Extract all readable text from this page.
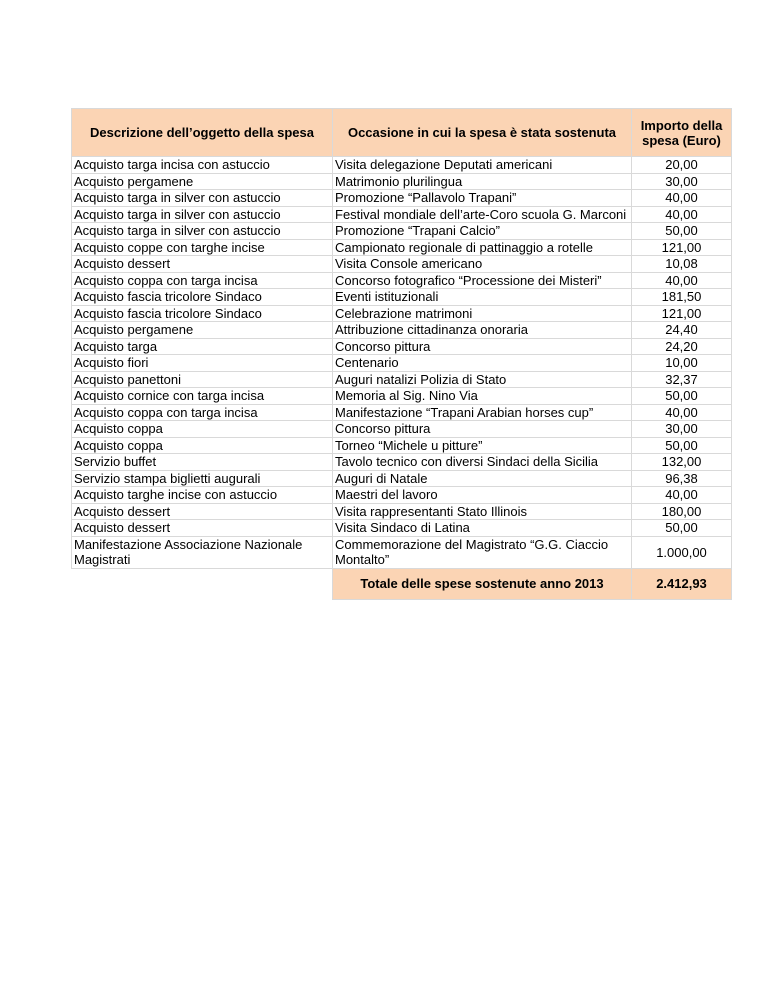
Descrizione dell’oggetto della spesa	Occasione in cui la spesa è stata sostenuta	Importo della spesa (Euro)
Acquisto targa incisa con astuccio	Visita delegazione Deputati americani	20,00
Acquisto pergamene	Matrimonio plurilingua	30,00
Acquisto targa in silver con astuccio	Promozione “Pallavolo Trapani”	40,00
Acquisto targa in silver con astuccio	Festival mondiale dell’arte-Coro scuola G. Marconi	40,00
Acquisto targa in silver con astuccio	Promozione “Trapani Calcio”	50,00
Acquisto coppe con targhe incise	Campionato regionale di pattinaggio a rotelle	121,00
Acquisto dessert	Visita Console americano	10,08
Acquisto coppa con targa incisa	Concorso fotografico “Processione dei Misteri”	40,00
Acquisto fascia tricolore Sindaco	Eventi istituzionali	181,50
Acquisto fascia tricolore Sindaco	Celebrazione matrimoni	121,00
Acquisto pergamene	Attribuzione cittadinanza onoraria	24,40
Acquisto targa	Concorso pittura	24,20
Acquisto fiori	Centenario	10,00
Acquisto panettoni	Auguri natalizi Polizia di Stato	32,37
Acquisto cornice con targa incisa	Memoria al Sig. Nino Via	50,00
Acquisto coppa con targa incisa	Manifestazione “Trapani Arabian horses cup”	40,00
Acquisto coppa	Concorso pittura	30,00
Acquisto coppa	Torneo “Michele u pitture”	50,00
Servizio buffet	Tavolo tecnico con diversi Sindaci della Sicilia	132,00
Servizio stampa biglietti augurali	Auguri di Natale	96,38
Acquisto targhe incise con astuccio	Maestri del lavoro	40,00
Acquisto dessert	Visita rappresentanti Stato Illinois	180,00
Acquisto dessert	Visita Sindaco di Latina	50,00
Manifestazione Associazione Nazionale Magistrati	Commemorazione del Magistrato “G.G. Ciaccio Montalto”	1.000,00
	Totale delle spese sostenute anno 2013	2.412,93
